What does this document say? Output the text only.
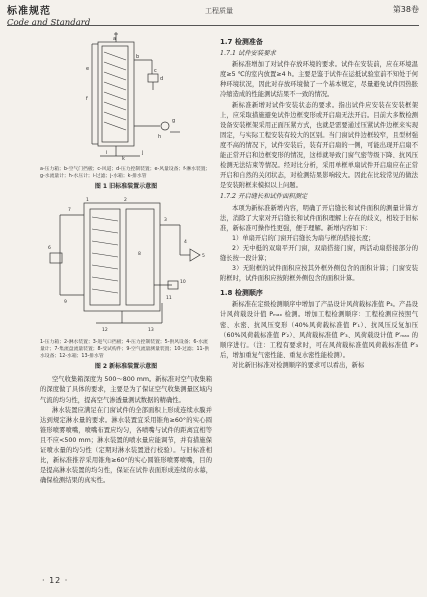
标准规范
Code and Standard
工程质量	第38卷
a
b
c
d
e
f
g
h
i	j
k
a-压力箱；b-空气门挡板；c-风道；d-压力控制装置；e-风量设备；f-淋水装置；g-水流量计；h-水压计；i-过滤；j-水箱；k-排水管
图 1 旧标准装置示意图
1	2
3
4
5
6
7
8
9
10
11
12	13
1-压力箱；2-淋水装置；3-进气口挡板；4-压力控制装置；5-供风设备；6-水流量计；7-集流盘流量装置；8-受试构件；9-空气流量测量装置；10-过滤；11-供水设备；12-水箱；13-排水管
图 2 新标准装置示意图

空气收集箱深度为 500～800 mm。新标准对空气收集箱的深度做了具体的要求，主要是为了保证空气收集测量区域内气流的均匀性，提高空气渗透量测试数据的精确性。

淋水装置应满足在门窗试件的全部面积上形成连续水膜并达到规定淋水量的要求。淋水装置宜采用锥角≥60°的实心圆锥形喷雾喷嘴，喷嘴布置应均匀，各喷嘴与试件的距离宜相等且不应<500 mm；淋水装置的喷水量应能调节，并有措施保证喷水量的均匀性（定期对淋水装置进行校验）。与旧标准相比，新标准推荐采用锥角≥60°的实心圆锥形喷雾喷嘴，目的是提高淋水装置的均匀性，保证在试件表面形成连续的水幕，确保检测结果的真实性。

1.7 检测准备
1.7.1 试件安装要求

新标准增加了对试件存放环境的要求。试件在安装前，应在环境温度≥5 ℃的室内放置≥4 h。主要是鉴于试件在运抵试验室前不知处于何种环境状况，因此对存放环境做了一个基本规定，尽量避免试件因热胀冷缩造成的性能测试结果不一致的情况。

新标准新增对试件安装状态的要求。指出试件应安装在安装框架上，应采取措施避免试件边框变形或开启扇无法开启。目前大多数检测设备安装框架采用正面压紧方式，也就是需要通过压紧试件边框来实现固定，与实际工程安装有较大的区别。当门窗试件边框较窄，且型材强度不高的情况下，试件安装后，装有开启扇的一侧，可能出现开启扇不能正常开启和边框变形的情况，这样就导致门窗气密等级下降、抗风压检测无法结束等情况。经对比分析，采用单框单扇试件开启扇应在正常开启和自然的关闭状态，对检测结果影响较大。因此在比较常见的做法是安装附框来模拟以上问题。

1.7.2 开启缝长和试件面积测定

本项为新标准新增内容，明确了开启缝长和试件面积的测量计算方法，消除了大家对开启缝长和试件面积理解上存在的歧义，相较于旧标准，新标准可操作性更强，便于理解。新增内容如下：

1）单扇开启的门窗开启缝长为扇与框的搭接长度；

2）无中梃的双扇平开门窗，双扇搭接门窗，两活动扇搭接部分的缝长按一段计算；

3）无附框的试件面积应按其外框外侧包含的面积计算；门窗安装附框时，试件面积应按附框外侧包含的面积计算。

1.8 检测顺序

新标准在定级检测顺序中增加了产品设计风荷载标准值 P₃。产品设计风荷载设计值 Pₘₐₓ 检测。增加工程检测顺序：工程检测应按照气密、水密、抗风压变形（40%风荷载标准值 P′₁）、抗风压反复加压（60%风荷载标准值 P′₂）、风荷载标准值 P′₃、风荷载设计值 P′ₘₐₓ 的顺序进行。（注：工程有要求时，可在风荷载标准值风荷载标准值 P′₃ 后，增加重复气密性能、重复水密性能检测）。

对比新旧标准对检测顺序的要求可以看出，新标

· 12 ·
